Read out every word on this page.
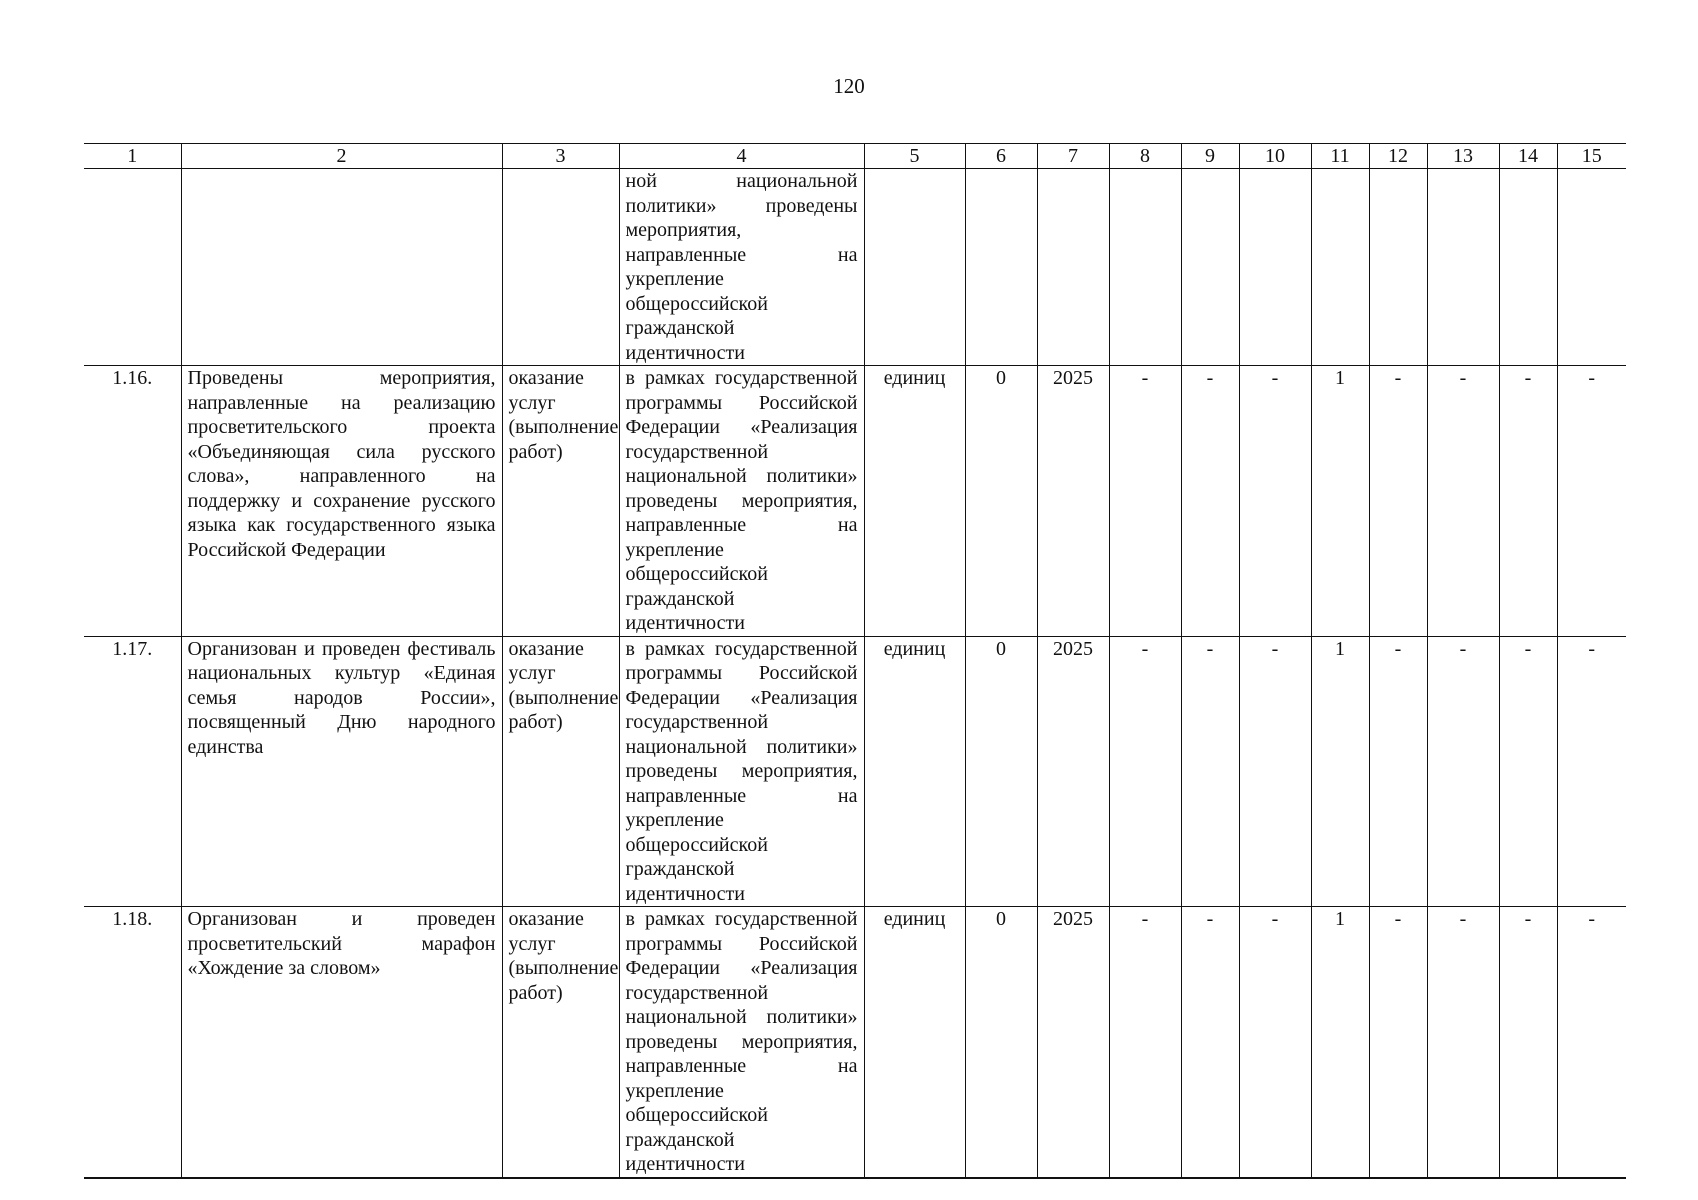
120
1	2	3	4	5	6	7	8	9	10	11	12	13	14	15
			ной национальной политики» проведены мероприятия, направленные на укрепление общероссийской гражданской идентичности											
1.16.	Проведены мероприятия, направленные на реализацию просветительского проекта «Объединяющая сила русского слова», направленного на поддержку и сохранение русского языка как государственного языка Российской Федерации	оказание услуг (выполнение работ)	в рамках государственной программы Российской Федерации «Реализация государственной национальной политики» проведены мероприятия, направленные на укрепление общероссийской гражданской идентичности	единиц	0	2025	-	-	-	1	-	-	-	-
1.17.	Организован и проведен фестиваль национальных культур «Единая семья народов России», посвященный Дню народного единства	оказание услуг (выполнение работ)	в рамках государственной программы Российской Федерации «Реализация государственной национальной политики» проведены мероприятия, направленные на укрепление общероссийской гражданской идентичности	единиц	0	2025	-	-	-	1	-	-	-	-
1.18.	Организован и проведен просветительский марафон «Хождение за словом»	оказание услуг (выполнение работ)	в рамках государственной программы Российской Федерации «Реализация государственной национальной политики» проведены мероприятия, направленные на укрепление общероссийской гражданской идентичности	единиц	0	2025	-	-	-	1	-	-	-	-
